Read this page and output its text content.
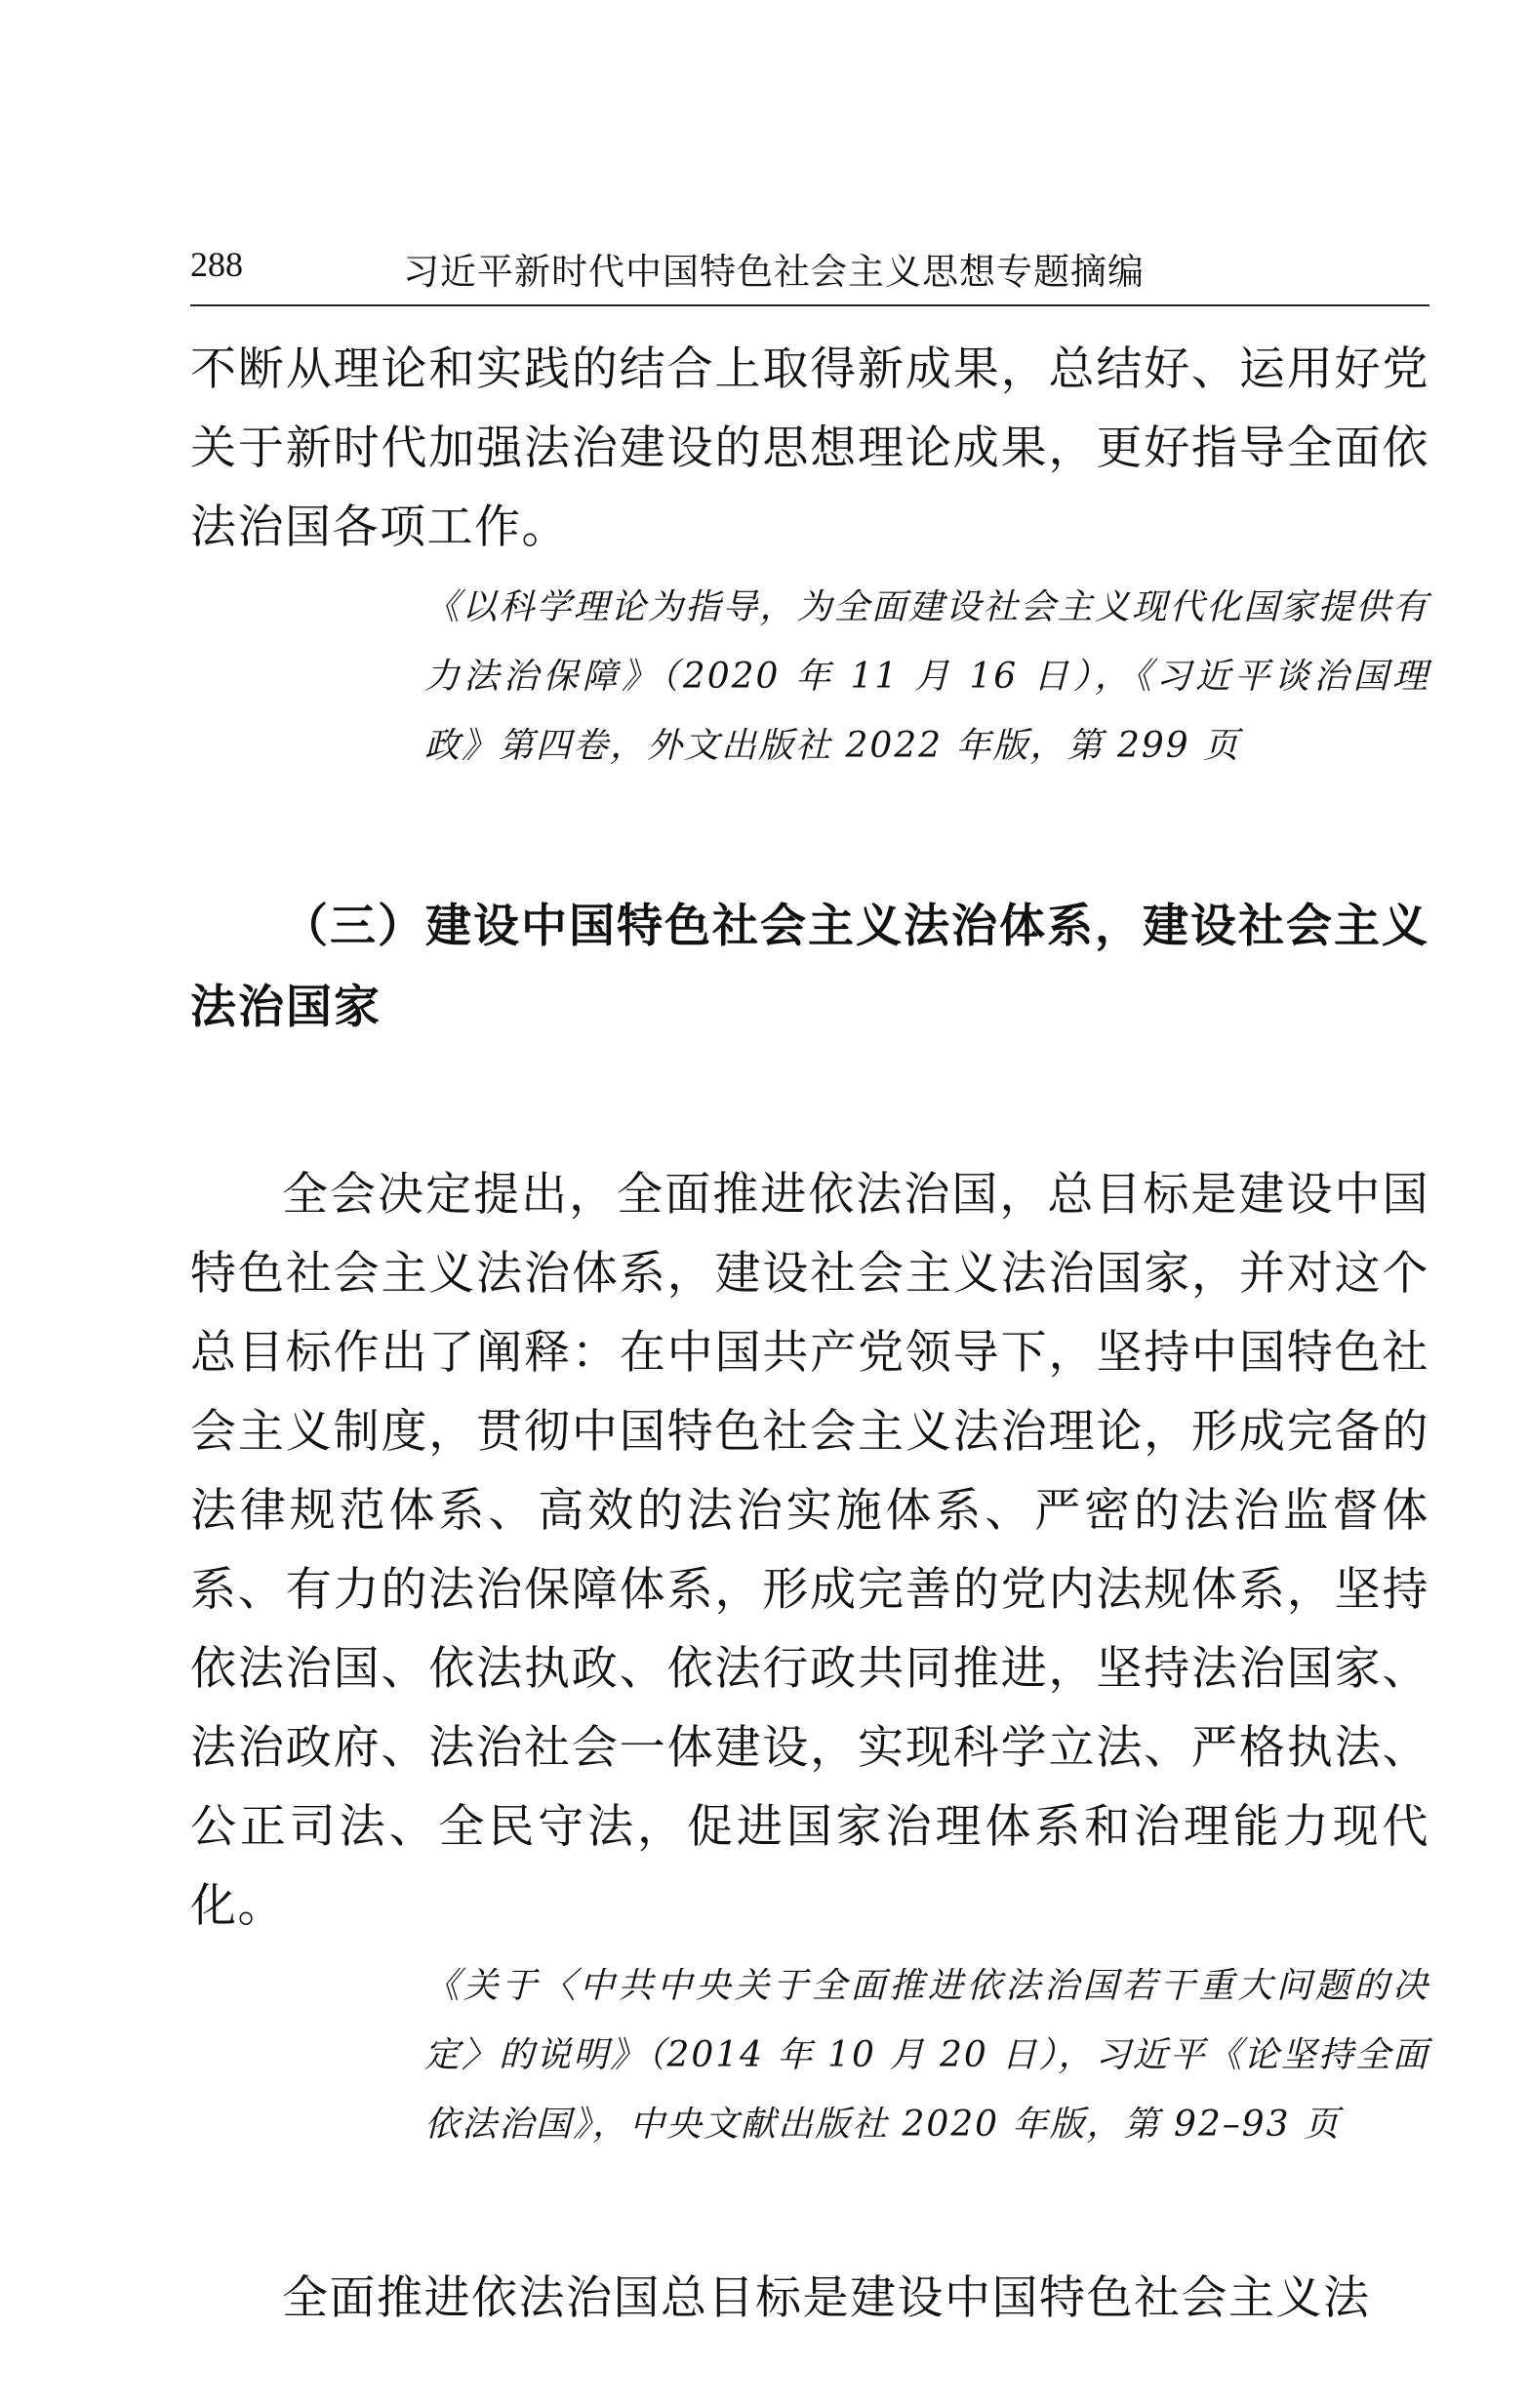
288	习近平新时代中国特色社会主义思想专题摘编

不断从理论和实践的结合上取得新成果，总结好、运用好党关于新时代加强法治建设的思想理论成果，更好指导全面依法治国各项工作。

《以科学理论为指导，为全面建设社会主义现代化国家提供有力法治保障》（2020 年 11 月 16 日），《习近平谈治国理政》第四卷，外文出版社 2022 年版，第 299 页

（三）建设中国特色社会主义法治体系，建设社会主义法治国家

全会决定提出，全面推进依法治国，总目标是建设中国特色社会主义法治体系，建设社会主义法治国家，并对这个总目标作出了阐释：在中国共产党领导下，坚持中国特色社会主义制度，贯彻中国特色社会主义法治理论，形成完备的法律规范体系、高效的法治实施体系、严密的法治监督体系、有力的法治保障体系，形成完善的党内法规体系，坚持依法治国、依法执政、依法行政共同推进，坚持法治国家、法治政府、法治社会一体建设，实现科学立法、严格执法、公正司法、全民守法，促进国家治理体系和治理能力现代化。

《关于〈中共中央关于全面推进依法治国若干重大问题的决定〉的说明》（2014 年 10 月 20 日），习近平《论坚持全面依法治国》，中央文献出版社 2020 年版，第 92–93 页

全面推进依法治国总目标是建设中国特色社会主义法
